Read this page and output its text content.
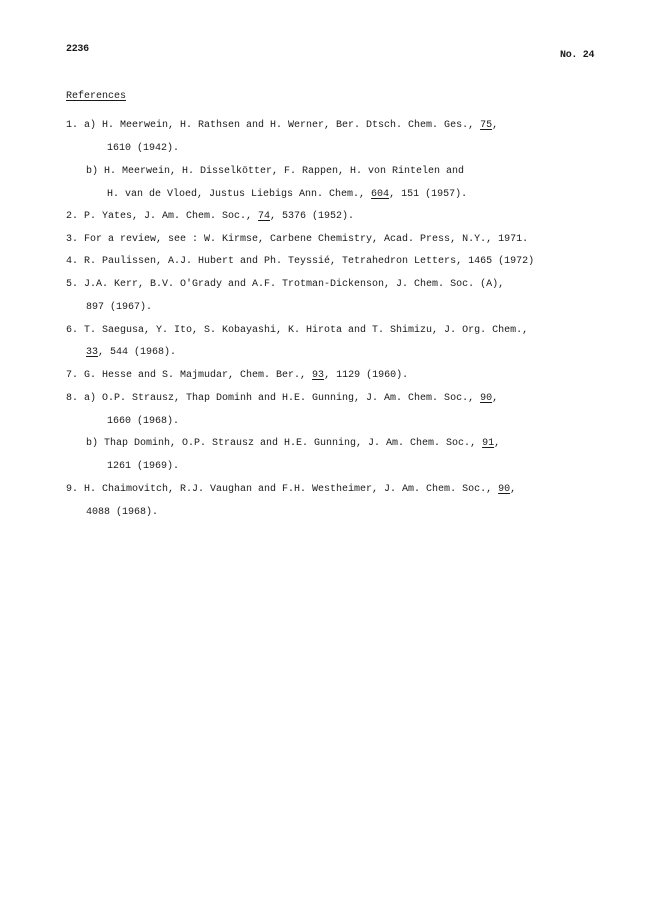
2236
No. 24
References
1. a) H. Meerwein, H. Rathsen and H. Werner, Ber. Dtsch. Chem. Ges., 75,
1610 (1942).
b) H. Meerwein, H. Disselkötter, F. Rappen, H. von Rintelen and
H. van de Vloed, Justus Liebigs Ann. Chem., 604, 151 (1957).
2. P. Yates, J. Am. Chem. Soc., 74, 5376 (1952).
3. For a review, see : W. Kirmse, Carbene Chemistry, Acad. Press, N.Y., 1971.
4. R. Paulissen, A.J. Hubert and Ph. Teyssié, Tetrahedron Letters, 1465 (1972)
5. J.A. Kerr, B.V. O'Grady and A.F. Trotman-Dickenson, J. Chem. Soc. (A),
897 (1967).
6. T. Saegusa, Y. Ito, S. Kobayashi, K. Hirota and T. Shimizu, J. Org. Chem.,
33, 544 (1968).
7. G. Hesse and S. Majmudar, Chem. Ber., 93, 1129 (1960).
8. a) O.P. Strausz, Thap Dominh and H.E. Gunning, J. Am. Chem. Soc., 90,
1660 (1968).
b) Thap Dominh, O.P. Strausz and H.E. Gunning, J. Am. Chem. Soc., 91,
1261 (1969).
9. H. Chaimovitch, R.J. Vaughan and F.H. Westheimer, J. Am. Chem. Soc., 90,
4088 (1968).
